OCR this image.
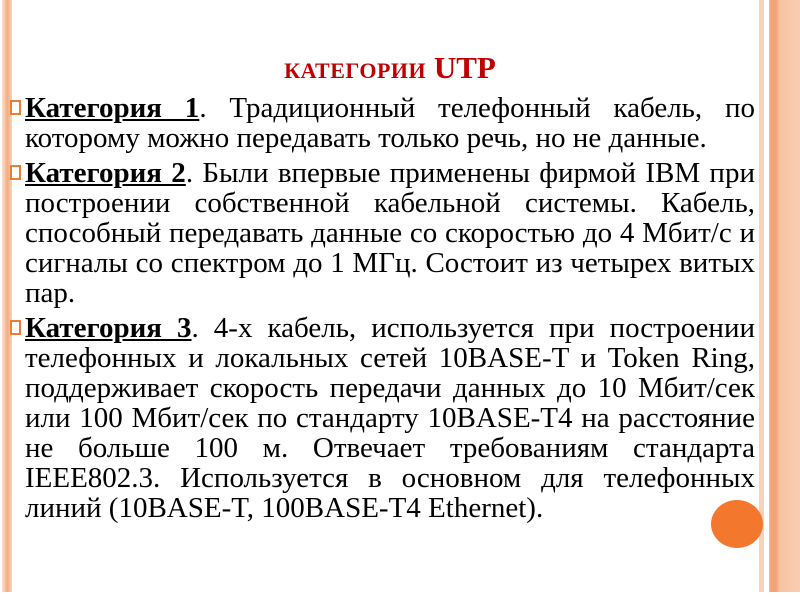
КАТЕГОРИИ UTP
Категория 1. Традиционный телефонный кабель, по которому можно передавать только речь, но не данные.
Категория 2. Были впервые применены фирмой IBM при построении собственной кабельной системы. Кабель, способный передавать данные со скоростью до 4 Мбит/с и сигналы со спектром до 1 МГц. Состоит из четырех витых пар.
Категория 3. 4-х кабель, используется при построении телефонных и локальных сетей 10BASE-T и Token Ring, поддерживает скорость передачи данных до 10 Мбит/сек или 100 Мбит/сек по стандарту 10BASE-T4 на расстояние не больше 100 м. Отвечает требованиям стандарта IEEE802.3. Используется в основном для телефонных линий (10BASE-T, 100BASE-T4 Ethernet).
